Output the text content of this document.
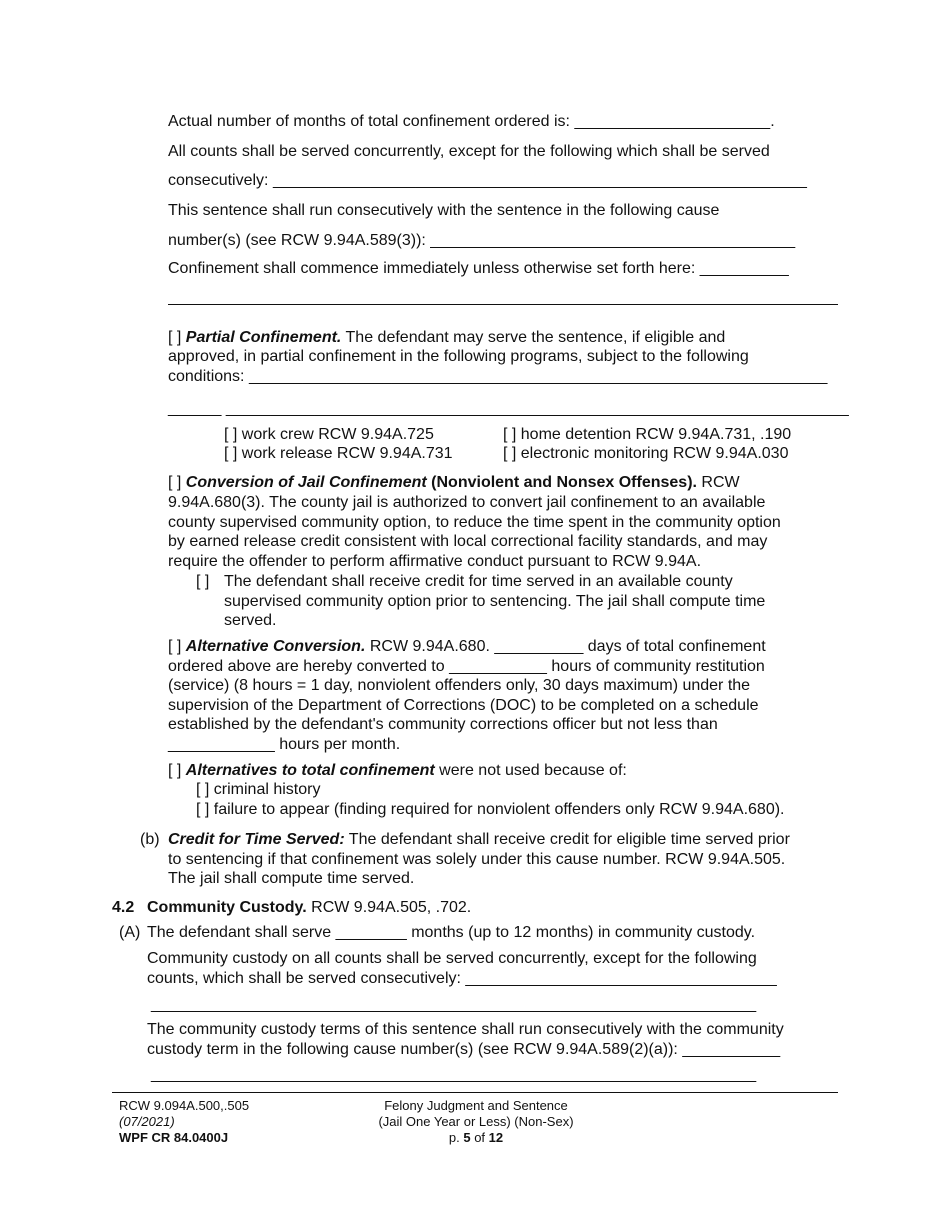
Actual number of months of total confinement ordered is: ______________________.
All counts shall be served concurrently, except for the following which shall be served
consecutively: ____________________________________________________________
This sentence shall run consecutively with the sentence in the following cause
number(s) (see RCW 9.94A.589(3)): _________________________________________
Confinement shall commence immediately unless otherwise set forth here: __________
[ ] Partial Confinement. The defendant may serve the sentence, if eligible and
approved, in partial confinement in the following programs, subject to the following
conditions: _________________________________________________________________
______ ______________________________________________________________________
[ ] work crew RCW 9.94A.725
[ ] work release RCW 9.94A.731
[ ] home detention RCW 9.94A.731, .190
[ ] electronic monitoring RCW 9.94A.030
[ ] Conversion of Jail Confinement (Nonviolent and Nonsex Offenses). RCW
9.94A.680(3). The county jail is authorized to convert jail confinement to an available
county supervised community option, to reduce the time spent in the community option
by earned release credit consistent with local correctional facility standards, and may
require the offender to perform affirmative conduct pursuant to RCW 9.94A.
[ ] The defendant shall receive credit for time served in an available county
supervised community option prior to sentencing. The jail shall compute time
served.
[ ] Alternative Conversion. RCW 9.94A.680. __________ days of total confinement
ordered above are hereby converted to ___________ hours of community restitution
(service) (8 hours = 1 day, nonviolent offenders only, 30 days maximum) under the
supervision of the Department of Corrections (DOC) to be completed on a schedule
established by the defendant's community corrections officer but not less than
____________ hours per month.
[ ] Alternatives to total confinement were not used because of:
[ ] criminal history
[ ] failure to appear (finding required for nonviolent offenders only RCW 9.94A.680).
(b) Credit for Time Served: The defendant shall receive credit for eligible time served prior
to sentencing if that confinement was solely under this cause number. RCW 9.94A.505.
The jail shall compute time served.
4.2 Community Custody. RCW 9.94A.505, .702.
(A) The defendant shall serve ________ months (up to 12 months) in community custody.
Community custody on all counts shall be served concurrently, except for the following
counts, which shall be served consecutively: ___________________________________
____________________________________________________________________
The community custody terms of this sentence shall run consecutively with the community
custody term in the following cause number(s) (see RCW 9.94A.589(2)(a)): ___________
____________________________________________________________________
RCW 9.094A.500,.505
(07/2021)
WPF CR 84.0400J
Felony Judgment and Sentence
(Jail One Year or Less) (Non-Sex)
p. 5 of 12
